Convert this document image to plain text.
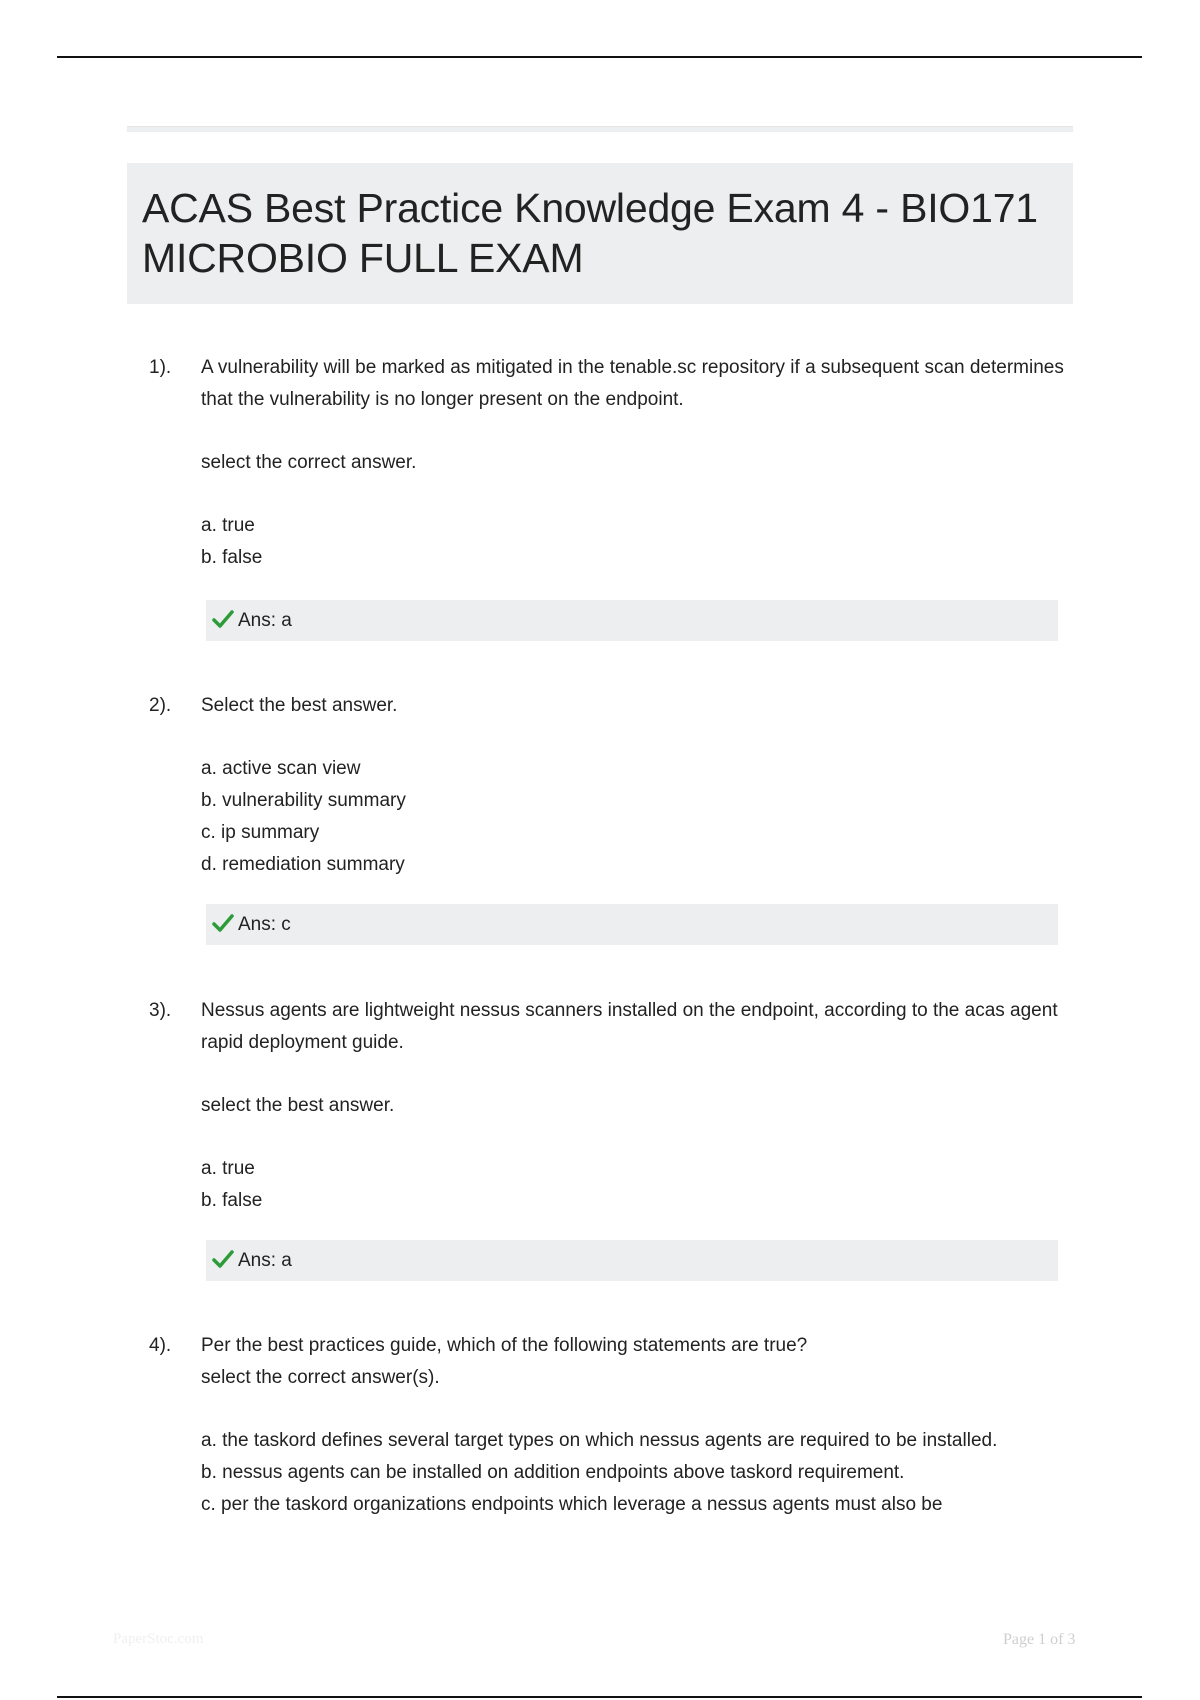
ACAS Best Practice Knowledge Exam 4 - BIO171 MICROBIO FULL EXAM
1). A vulnerability will be marked as mitigated in the tenable.sc repository if a subsequent scan determines that the vulnerability is no longer present on the endpoint.

select the correct answer.

a. true

b. false

Ans: a
2). Select the best answer.

a. active scan view

b. vulnerability summary

c. ip summary

d. remediation summary

Ans: c
3). Nessus agents are lightweight nessus scanners installed on the endpoint, according to the acas agent rapid deployment guide.

select the best answer.

a. true

b. false

Ans: a
4). Per the best practices guide, which of the following statements are true?

select the correct answer(s).

a. the taskord defines several target types on which nessus agents are required to be installed.

b. nessus agents can be installed on addition endpoints above taskord requirement.

c. per the taskord organizations endpoints which leverage a nessus agents must also be

PaperStoc.com	Page 1 of 3
